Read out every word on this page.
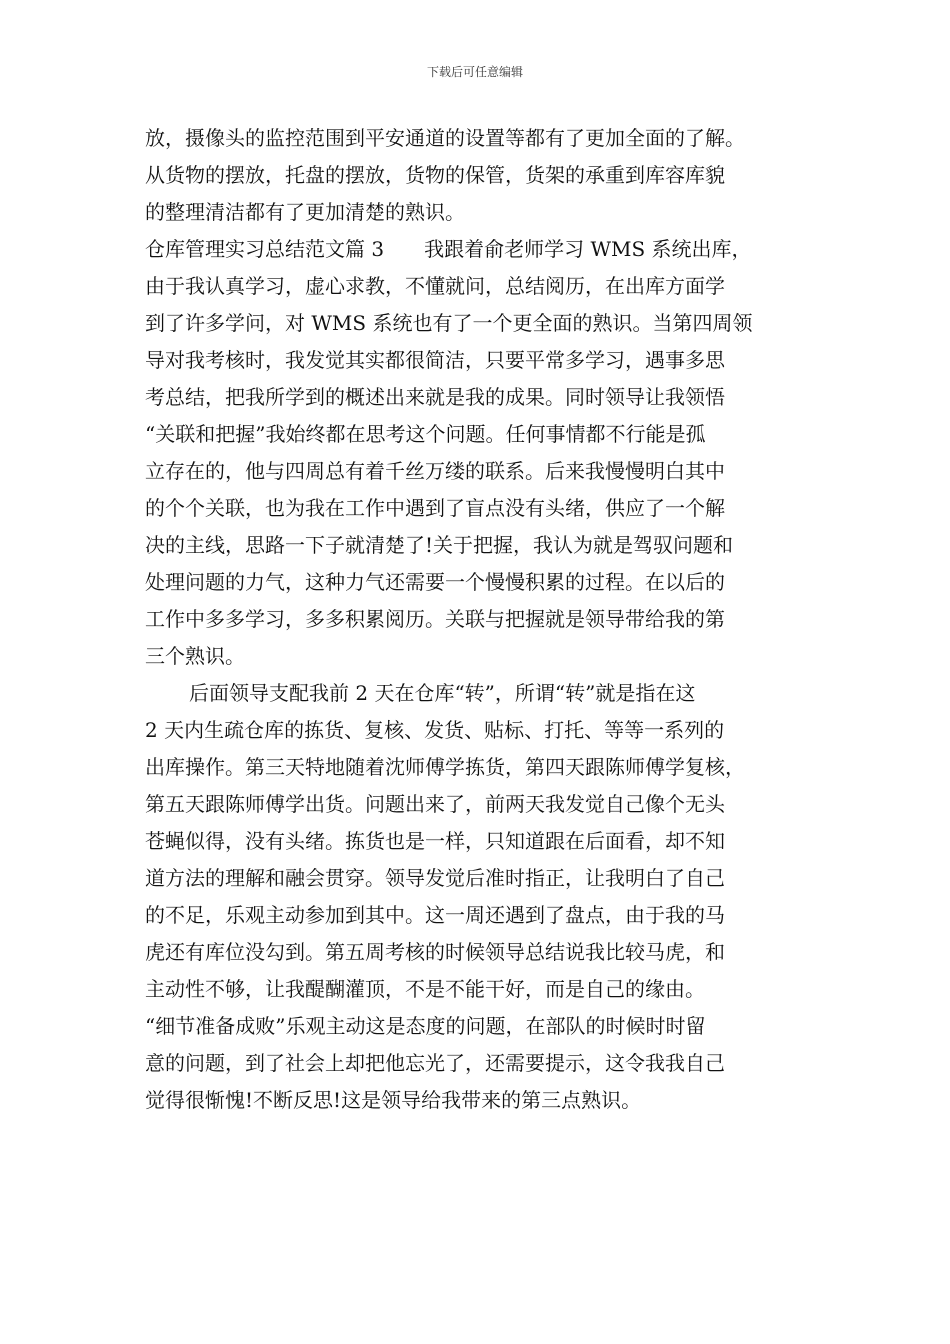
下载后可任意编辑
放，摄像头的监控范围到平安通道的设置等都有了更加全面的了解。
从货物的摆放，托盘的摆放，货物的保管，货架的承重到库容库貌
的整理清洁都有了更加清楚的熟识。
仓库管理实习总结范文篇 3 我跟着俞老师学习 WMS 系统出库，
由于我认真学习，虚心求教，不懂就问，总结阅历，在出库方面学
到了许多学问，对 WMS 系统也有了一个更全面的熟识。当第四周领
导对我考核时，我发觉其实都很简洁，只要平常多学习，遇事多思
考总结，把我所学到的概述出来就是我的成果。同时领导让我领悟
“关联和把握”我始终都在思考这个问题。任何事情都不行能是孤
立存在的，他与四周总有着千丝万缕的联系。后来我慢慢明白其中
的个个关联，也为我在工作中遇到了盲点没有头绪，供应了一个解
决的主线，思路一下子就清楚了!关于把握，我认为就是驾驭问题和
处理问题的力气，这种力气还需要一个慢慢积累的过程。在以后的
工作中多多学习，多多积累阅历。关联与把握就是领导带给我的第
三个熟识。
后面领导支配我前 2 天在仓库“转”，所谓“转”就是指在这
2 天内生疏仓库的拣货、复核、发货、贴标、打托、等等一系列的
出库操作。第三天特地随着沈师傅学拣货，第四天跟陈师傅学复核，
第五天跟陈师傅学出货。问题出来了，前两天我发觉自己像个无头
苍蝇似得，没有头绪。拣货也是一样，只知道跟在后面看，却不知
道方法的理解和融会贯穿。领导发觉后准时指正，让我明白了自己
的不足，乐观主动参加到其中。这一周还遇到了盘点，由于我的马
虎还有库位没勾到。第五周考核的时候领导总结说我比较马虎，和
主动性不够，让我醍醐灌顶，不是不能干好，而是自己的缘由。
“细节准备成败”乐观主动这是态度的问题，在部队的时候时时留
意的问题，到了社会上却把他忘光了，还需要提示，这令我我自己
觉得很惭愧!不断反思!这是领导给我带来的第三点熟识。
